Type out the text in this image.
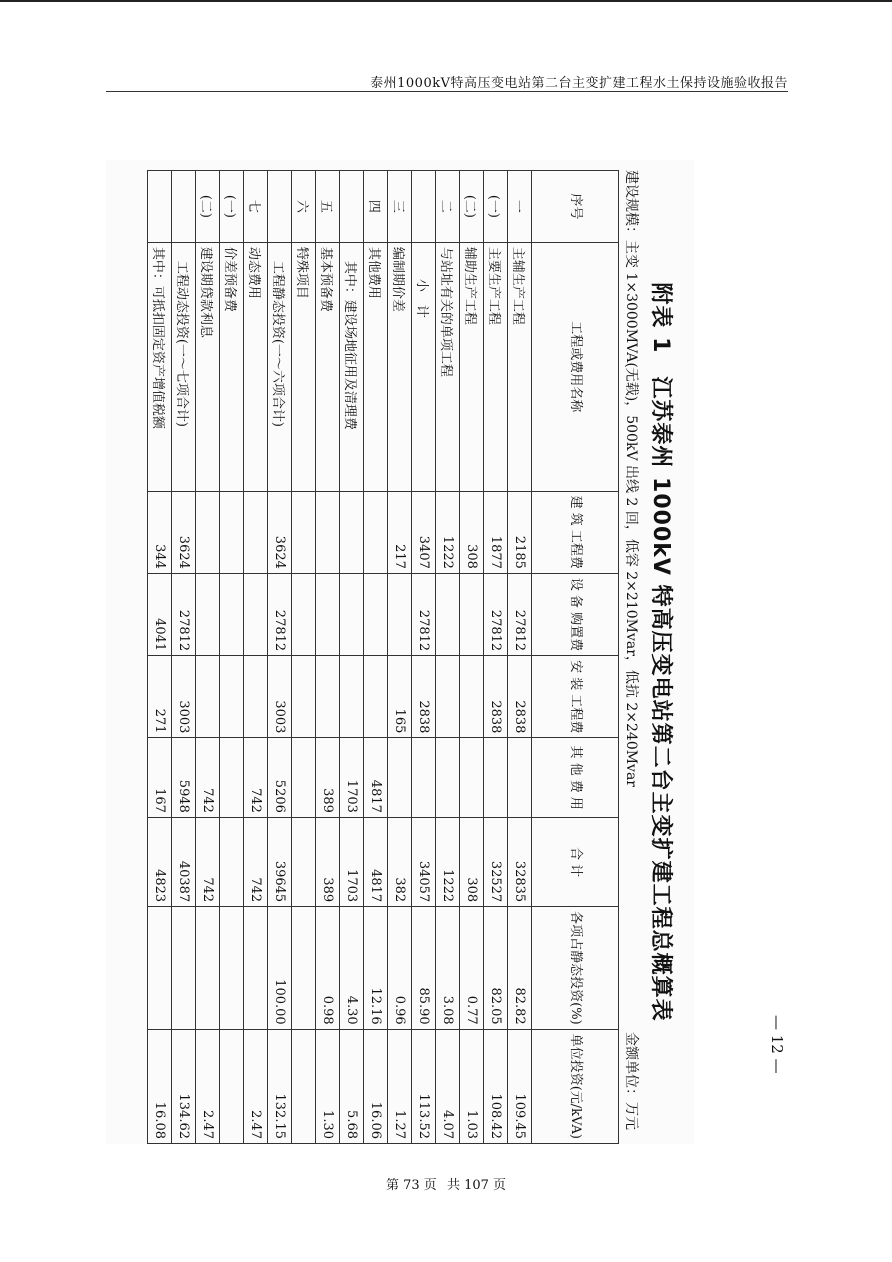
泰州1000kV特高压变电站第二台主变扩建工程水土保持设施验收报告
附表 1　江苏泰州 1000kV 特高压变电站第二台主变扩建工程总概算表
建设规模：主变 1×3000MVA(无载)，500kV 出线 2 回，低容 2×210Mvar，低抗 2×240Mvar
金额单位：万元
序号	工程或费用名称	建 筑 工程费	设 备 购置费	安 装 工程费	其 他 费 用	合 计	各项占静态投资(%)	单位投资(元/kVA)
一	主辅生产工程	2185	27812	2838		32835	82.82	109.45
(一)	主要生产工程	1877	27812	2838		32527	82.05	108.42
(二)	辅助生产工程	308				308	0.77	1.03
二	与站址有关的单项工程	1222				1222	3.08	4.07
	小　计	3407	27812	2838		34057	85.90	113.52
三	编制期价差	217		165		382	0.96	1.27
四	其他费用				4817	4817	12.16	16.06
	其中：建设场地征用及清理费				1703	1703	4.30	5.68
五	基本预备费				389	389	0.98	1.30
六	特殊项目							
	工程静态投资(一～六项合计)	3624	27812	3003	5206	39645	100.00	132.15
七	动态费用				742	742		2.47
(一)	价差预备费							
(二)	建设期贷款利息				742	742		2.47
	工程动态投资(一～七项合计)	3624	27812	3003	5948	40387		134.62
	其中：可抵扣固定资产增值税额	344	4041	271	167	4823		16.08
— 12 —
第 73 页 共 107 页
